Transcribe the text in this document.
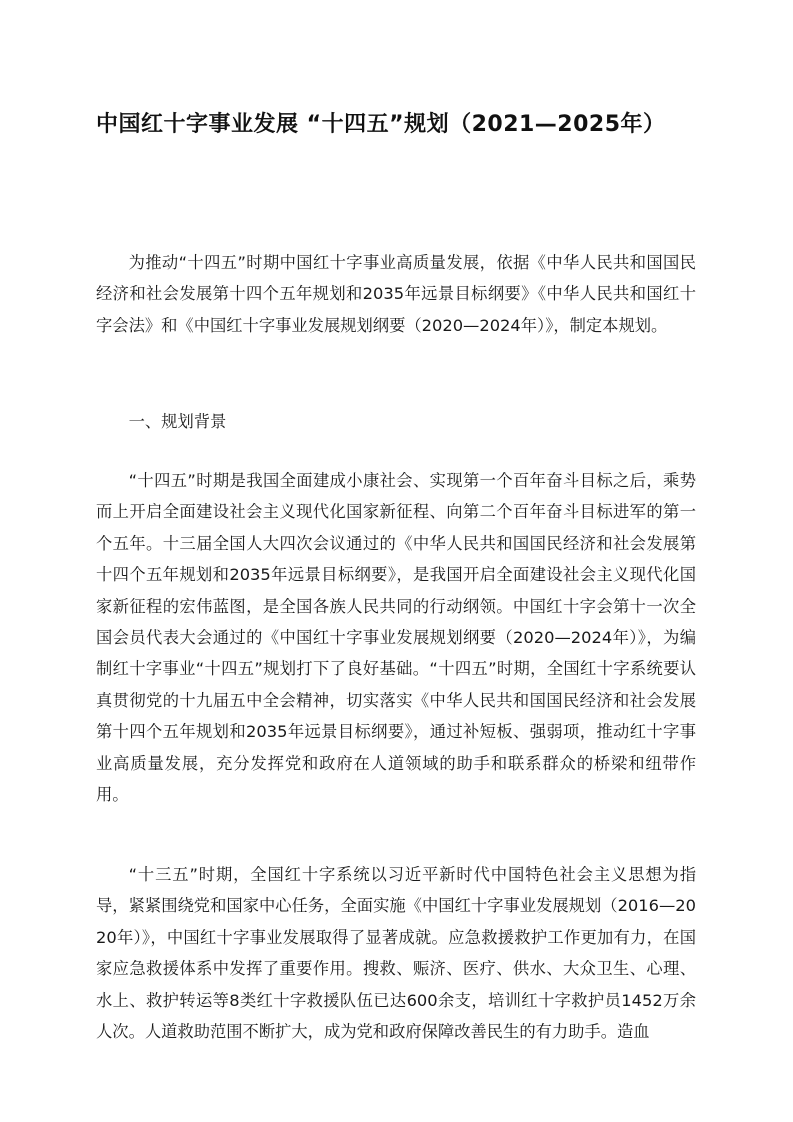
中国红十字事业发展 “十四五”规划（2021—2025年）

为推动“十四五”时期中国红十字事业高质量发展，依据《中华人民共和国国民经济和社会发展第十四个五年规划和2035年远景目标纲要》《中华人民共和国红十字会法》和《中国红十字事业发展规划纲要（2020—2024年）》，制定本规划。

一、规划背景

“十四五”时期是我国全面建成小康社会、实现第一个百年奋斗目标之后，乘势而上开启全面建设社会主义现代化国家新征程、向第二个百年奋斗目标进军的第一个五年。十三届全国人大四次会议通过的《中华人民共和国国民经济和社会发展第十四个五年规划和2035年远景目标纲要》，是我国开启全面建设社会主义现代化国家新征程的宏伟蓝图，是全国各族人民共同的行动纲领。中国红十字会第十一次全国会员代表大会通过的《中国红十字事业发展规划纲要（2020—2024年）》，为编制红十字事业“十四五”规划打下了良好基础。“十四五”时期，全国红十字系统要认真贯彻党的十九届五中全会精神，切实落实《中华人民共和国国民经济和社会发展第十四个五年规划和2035年远景目标纲要》，通过补短板、强弱项，推动红十字事业高质量发展，充分发挥党和政府在人道领域的助手和联系群众的桥梁和纽带作用。

“十三五”时期，全国红十字系统以习近平新时代中国特色社会主义思想为指导，紧紧围绕党和国家中心任务，全面实施《中国红十字事业发展规划（2016—2020年）》，中国红十字事业发展取得了显著成就。应急救援救护工作更加有力，在国家应急救援体系中发挥了重要作用。搜救、赈济、医疗、供水、大众卫生、心理、水上、救护转运等8类红十字救援队伍已达600余支，培训红十字救护员1452万余人次。人道救助范围不断扩大，成为党和政府保障改善民生的有力助手。造血
